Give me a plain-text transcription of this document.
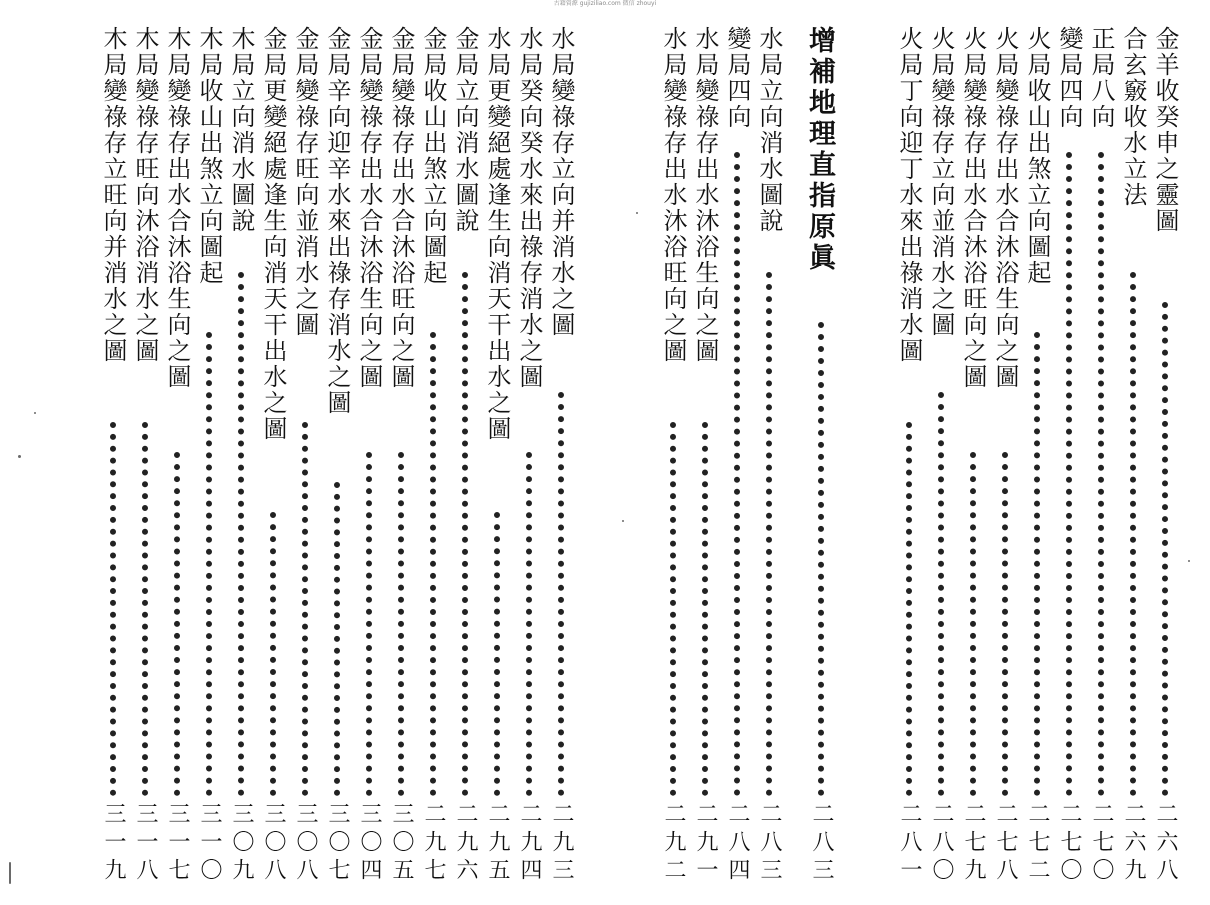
古籍資源 gujiziliao.com 微信 zhouyi
水局變祿存立向并消水之圖
二九三
水局癸向癸水來出祿存消水之圖
二九四
水局更變絕處逢生向消天干出水之圖
二九五
金局立向消水圖說
二九六
金局收山出煞立向圖起
二九七
金局變祿存出水合沐浴旺向之圖
三〇五
金局變祿存出水合沐浴生向之圖
三〇四
金局辛向迎辛水來出祿存消水之圖
三〇七
金局變祿存旺向並消水之圖
三〇八
金局更變絕處逢生向消天干出水之圖
三〇八
木局立向消水圖說
三〇九
木局收山出煞立向圖起
三一〇
木局變祿存出水合沐浴生向之圖
三一七
木局變祿存旺向沐浴消水之圖
三一八
木局變祿存立旺向并消水之圖
三一九
金羊收癸申之靈圖
二六八
合玄竅收水立法
二六九
正局八向
二七〇
變局四向
二七〇
火局收山出煞立向圖起
二七二
火局變祿存出水合沐浴生向之圖
二七八
火局變祿存出水合沐浴旺向之圖
二七九
火局變祿存立向並消水之圖
二八〇
火局丁向迎丁水來出祿消水圖
二八一
增補地理直指原眞
二八三
水局立向消水圖說
二八三
變局四向
二八四
水局變祿存出水沐浴生向之圖
二九一
水局變祿存出水沐浴旺向之圖
二九二
